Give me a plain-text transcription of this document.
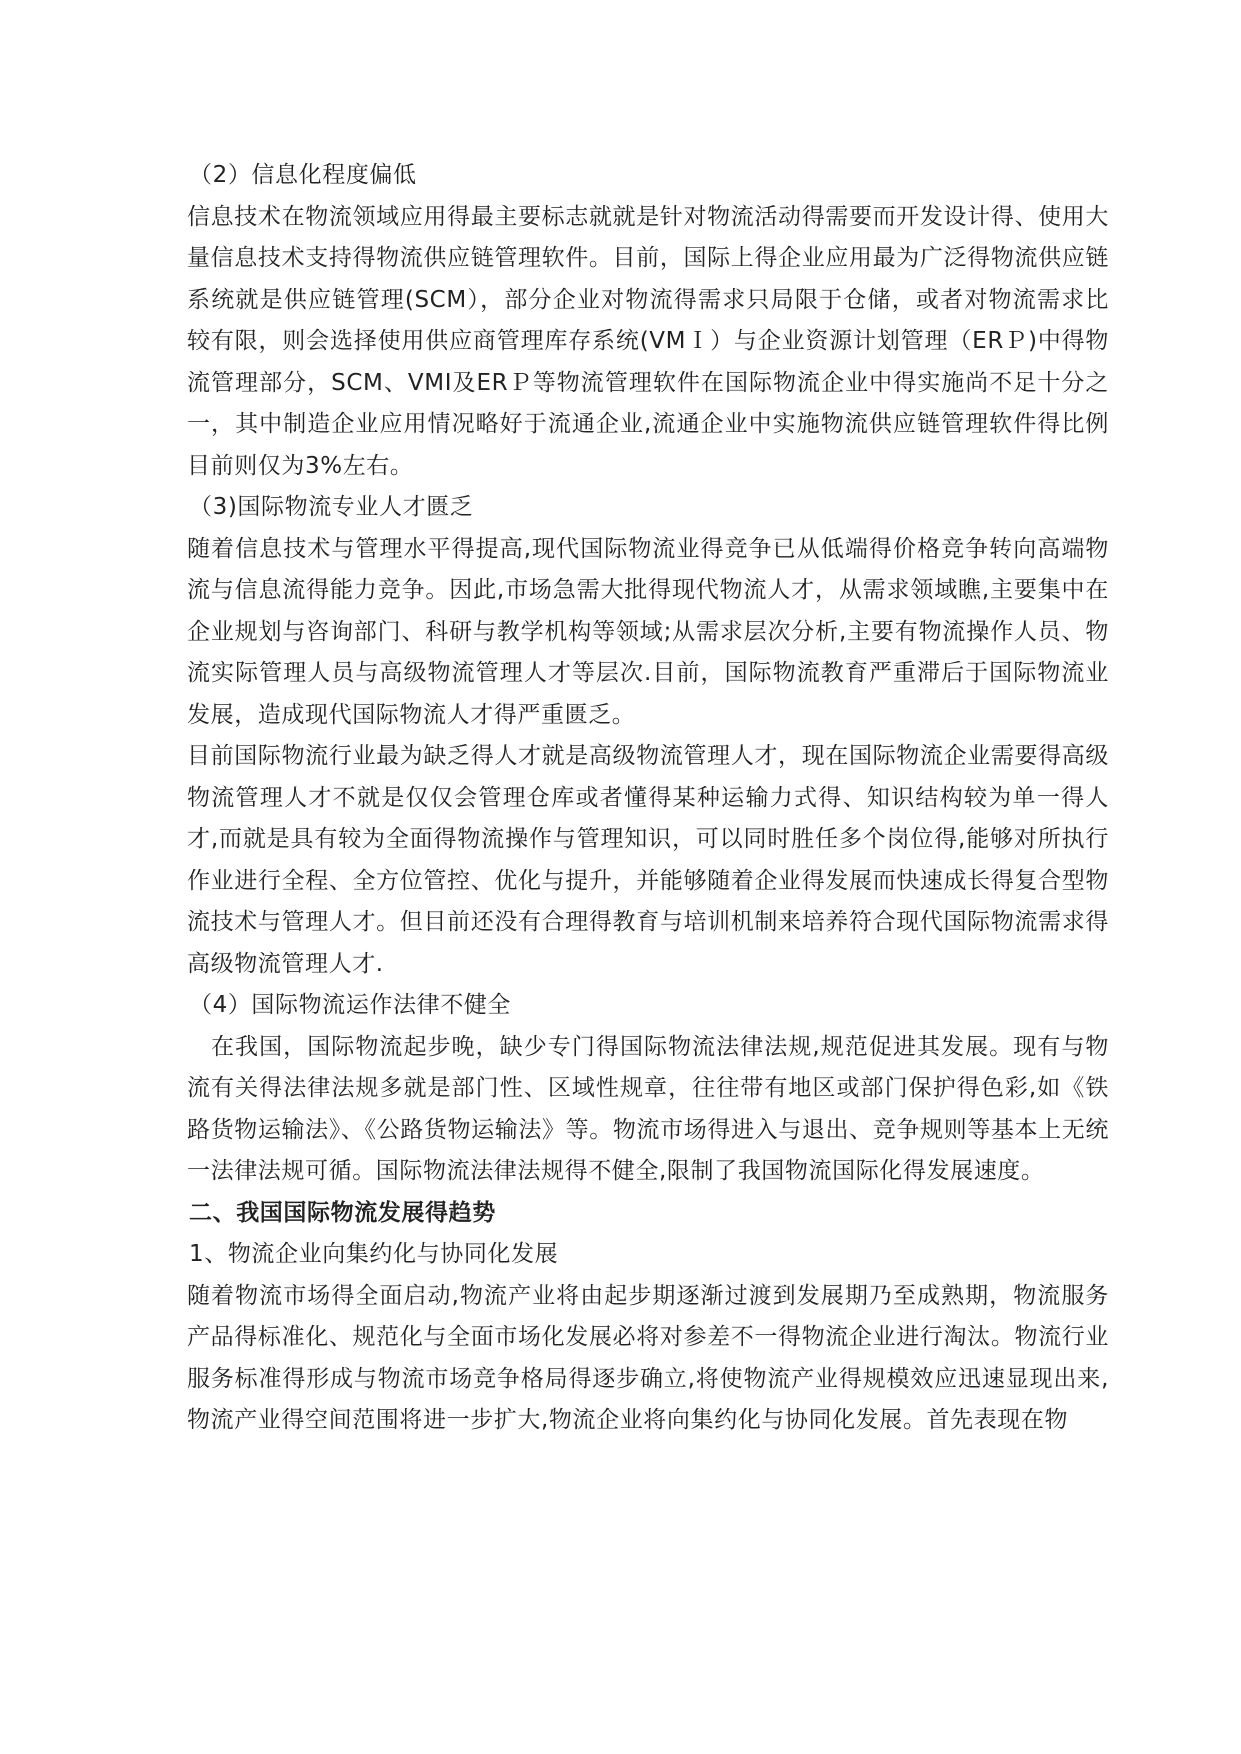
（2）信息化程度偏低

信息技术在物流领域应用得最主要标志就就是针对物流活动得需要而开发设计得、使用大量信息技术支持得物流供应链管理软件。目前，国际上得企业应用最为广泛得物流供应链系统就是供应链管理(SCM），部分企业对物流得需求只局限于仓储，或者对物流需求比较有限，则会选择使用供应商管理库存系统(VMＩ）与企业资源计划管理（ERＰ)中得物流管理部分，SCM、VMI及ERＰ等物流管理软件在国际物流企业中得实施尚不足十分之一，其中制造企业应用情况略好于流通企业,流通企业中实施物流供应链管理软件得比例目前则仅为3%左右。

（3)国际物流专业人才匮乏

随着信息技术与管理水平得提高,现代国际物流业得竞争已从低端得价格竞争转向高端物流与信息流得能力竞争。因此,市场急需大批得现代物流人才，从需求领域瞧,主要集中在企业规划与咨询部门、科研与教学机构等领域;从需求层次分析,主要有物流操作人员、物流实际管理人员与高级物流管理人才等层次.目前，国际物流教育严重滞后于国际物流业发展，造成现代国际物流人才得严重匮乏。

目前国际物流行业最为缺乏得人才就是高级物流管理人才，现在国际物流企业需要得高级物流管理人才不就是仅仅会管理仓库或者懂得某种运输力式得、知识结构较为单一得人才,而就是具有较为全面得物流操作与管理知识，可以同时胜任多个岗位得,能够对所执行作业进行全程、全方位管控、优化与提升，并能够随着企业得发展而快速成长得复合型物流技术与管理人才。但目前还没有合理得教育与培训机制来培养符合现代国际物流需求得高级物流管理人才.

（4）国际物流运作法律不健全

在我国，国际物流起步晚，缺少专门得国际物流法律法规,规范促进其发展。现有与物流有关得法律法规多就是部门性、区域性规章，往往带有地区或部门保护得色彩,如《铁路货物运输法》、《公路货物运输法》等。物流市场得进入与退出、竞争规则等基本上无统一法律法规可循。国际物流法律法规得不健全,限制了我国物流国际化得发展速度。

二、我国国际物流发展得趋势

1、物流企业向集约化与协同化发展

随着物流市场得全面启动,物流产业将由起步期逐渐过渡到发展期乃至成熟期，物流服务产品得标准化、规范化与全面市场化发展必将对参差不一得物流企业进行淘汰。物流行业服务标准得形成与物流市场竞争格局得逐步确立,将使物流产业得规模效应迅速显现出来,物流产业得空间范围将进一步扩大,物流企业将向集约化与协同化发展。首先表现在物
